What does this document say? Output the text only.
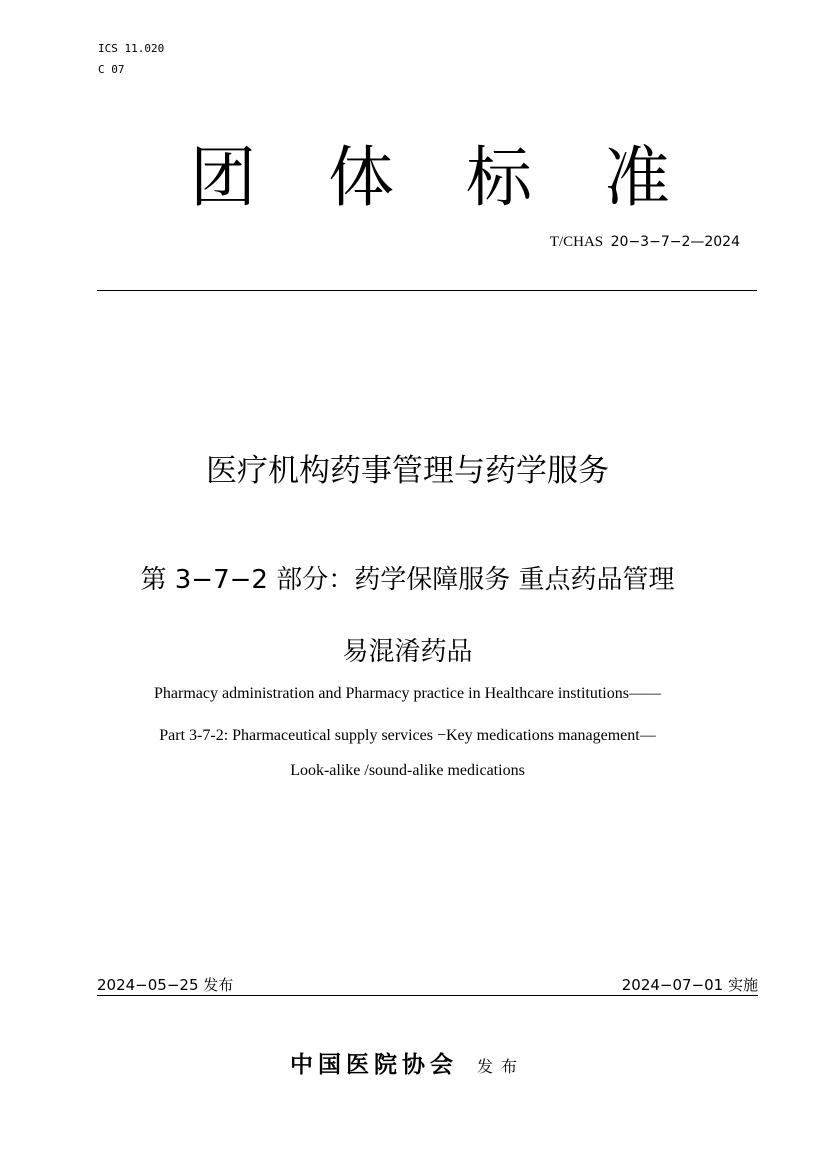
ICS 11.020
C 07
团 体 标 准
T/CHAS 20−3−7−2—2024
医疗机构药事管理与药学服务
第 3−7−2 部分：药学保障服务 重点药品管理
易混淆药品
Pharmacy administration and Pharmacy practice in Healthcare institutions——
Part 3-7-2: Pharmaceutical supply services −Key medications management—
Look-alike /sound-alike medications
2024−05−25 发布	2024−07−01 实施
中国医院协会 发布
